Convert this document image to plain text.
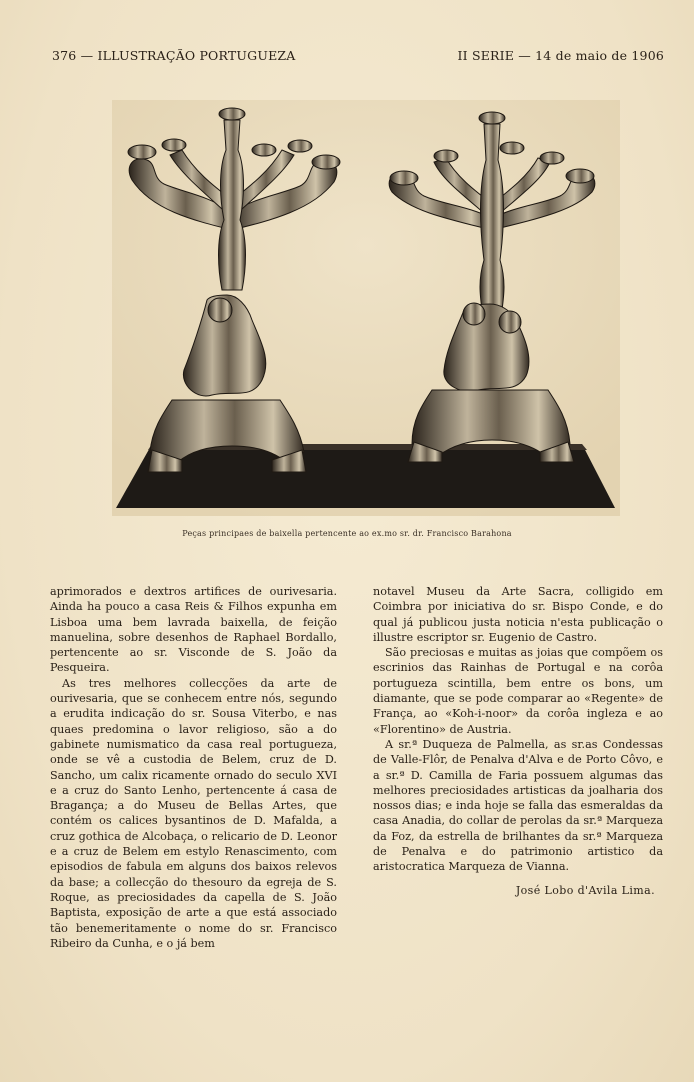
376 — ILLUSTRAÇÃO PORTUGUEZA	II SERIE — 14 de maio de 1906
Peças principaes de baixella pertencente ao ex.mo sr. dr. Francisco Barahona

aprimorados e dextros artifices de ourivesaria. Ainda ha pouco a casa Reis & Filhos expunha em Lisboa uma bem lavrada baixella, de feição manuelina, sobre desenhos de Raphael Bordallo, pertencente ao sr. Visconde de S. João da Pesqueira.

As tres melhores collecções da arte de ourivesaria, que se conhecem entre nós, segundo a erudita indicação do sr. Sousa Viterbo, e nas quaes predomina o lavor religioso, são a do gabinete numismatico da casa real portugueza, onde se vê a custodia de Belem, cruz de D. Sancho, um calix ricamente ornado do seculo XVI e a cruz do Santo Lenho, pertencente á casa de Bragança; a do Museu de Bellas Artes, que contém os calices bysantinos de D. Mafalda, a cruz gothica de Alcobaça, o relicario de D. Leonor e a cruz de Belem em estylo Renascimento, com episodios de fabula em alguns dos baixos relevos da base; a collecção do thesouro da egreja de S. Roque, as preciosidades da capella de S. João Baptista, exposição de arte a que está associado tão benemeritamente o nome do sr. Francisco Ribeiro da Cunha, e o já bem

notavel Museu da Arte Sacra, colligido em Coimbra por iniciativa do sr. Bispo Conde, e do qual já publicou justa noticia n'esta publicação o illustre escriptor sr. Eugenio de Castro.

São preciosas e muitas as joias que compõem os escrinios das Rainhas de Portugal e na corôa portugueza scintilla, bem entre os bons, um diamante, que se pode comparar ao «Regente» de França, ao «Koh-i-noor» da corôa ingleza e ao «Florentino» de Austria.

A sr.ª Duqueza de Palmella, as sr.as Condessas de Valle-Flôr, de Penalva d'Alva e de Porto Côvo, e a sr.ª D. Camilla de Faria possuem algumas das melhores preciosidades artisticas da joalharia dos nossos dias; e inda hoje se falla das esmeraldas da casa Anadia, do collar de perolas da sr.ª Marqueza da Foz, da estrella de brilhantes da sr.ª Marqueza de Penalva e do patrimonio artistico da aristocratica Marqueza de Vianna.

José Lobo d'Avila Lima.
